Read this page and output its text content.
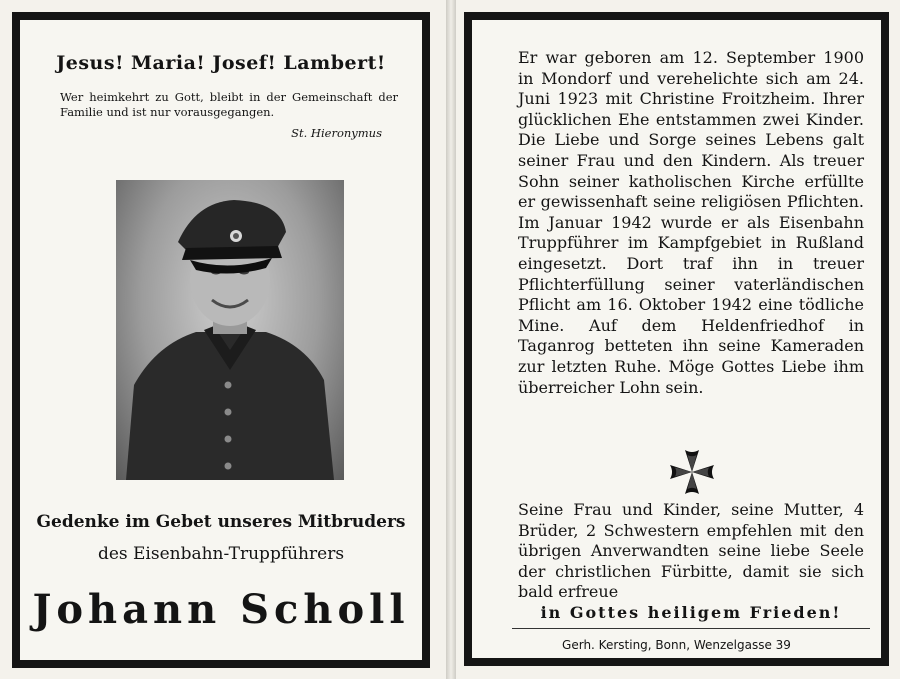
Jesus! Maria! Josef! Lambert!
Wer heimkehrt zu Gott, bleibt in der Gemeinschaft der Familie und ist nur vorausgegangen.
St. Hieronymus
Gedenke im Gebet unseres Mitbruders
des Eisenbahn-Truppführers
Johann Scholl
Er war geboren am 12. September 1900 in Mondorf und verehelichte sich am 24. Juni 1923 mit Christine Froitzheim. Ihrer glücklichen Ehe entstammen zwei Kinder. Die Liebe und Sorge seines Lebens galt seiner Frau und den Kindern. Als treuer Sohn seiner katholischen Kirche erfüllte er gewissenhaft seine religiösen Pflichten. Im Januar 1942 wurde er als Eisenbahn Truppführer im Kampfgebiet in Rußland eingesetzt. Dort traf ihn in treuer Pflichterfüllung seiner vaterländischen Pflicht am 16. Oktober 1942 eine tödliche Mine. Auf dem Heldenfriedhof in Taganrog betteten ihn seine Kameraden zur letzten Ruhe. Möge Gottes Liebe ihm überreicher Lohn sein.
Seine Frau und Kinder, seine Mutter, 4 Brüder, 2 Schwestern empfehlen mit den übrigen Anverwandten seine liebe Seele der christlichen Fürbitte, damit sie sich bald erfreue
in Gottes heiligem Frieden!
Gerh. Kersting, Bonn, Wenzelgasse 39
